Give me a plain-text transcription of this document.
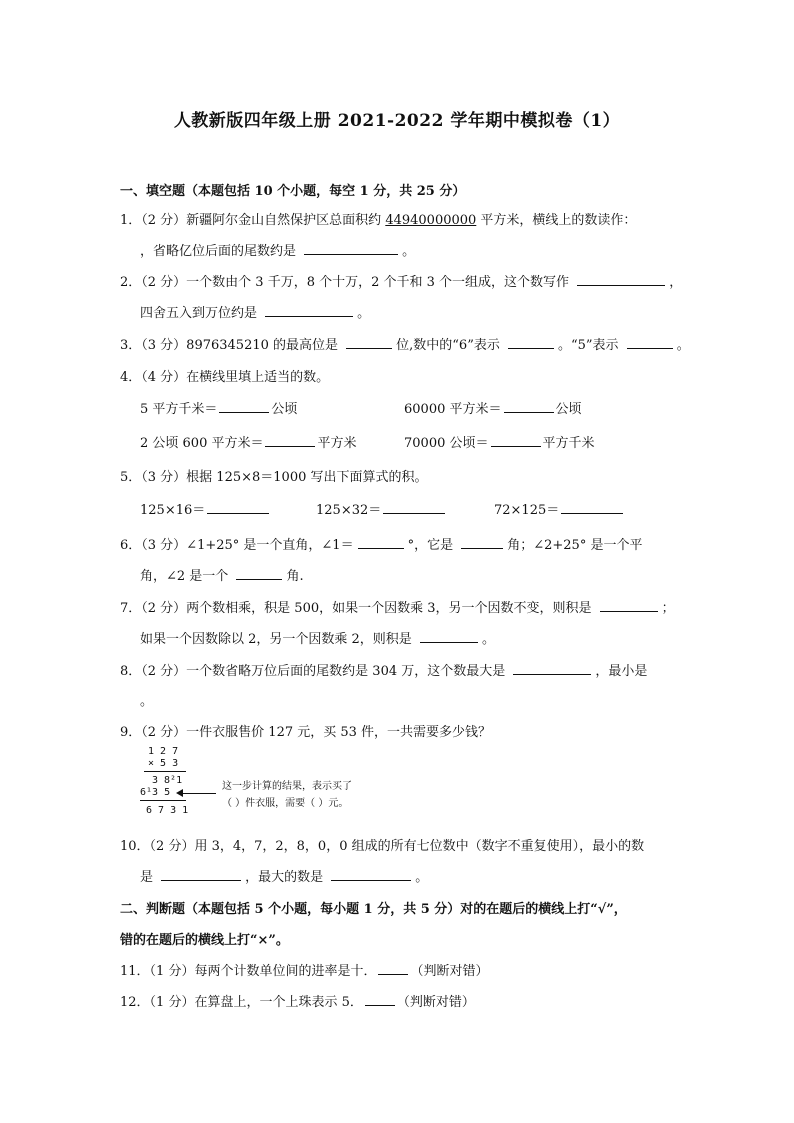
人教新版四年级上册 2021-2022 学年期中模拟卷（1）
一、填空题（本题包括 10 个小题，每空 1 分，共 25 分）
1．（2 分）新疆阿尔金山自然保护区总面积约 44940000000 平方米，横线上的数读作：
，省略亿位后面的尾数约是	。
2．（2 分）一个数由个 3 千万，8 个十万，2 个千和 3 个一组成，这个数写作	，
四舍五入到万位约是	。
3．（3 分）8976345210 的最高位是	位,数中的“6”表示	。“5”表示	。
4．（4 分）在横线里填上适当的数。
5 平方千米＝	公顷	60000 平方米＝	公顷
2 公顷 600 平方米＝	平方米	70000 公顷＝	平方千米
5．（3 分）根据 125×8＝1000 写出下面算式的积。
125×16＝	125×32＝	72×125＝
6．（3 分）∠1+25° 是一个直角，∠1＝	°，它是	角；∠2+25° 是一个平
角，∠2 是一个	角.
7．（2 分）两个数相乘，积是 500，如果一个因数乘 3，另一个因数不变，则积是	；
如果一个因数除以 2，另一个因数乘 2，则积是	。
8．（2 分）一个数省略万位后面的尾数约是 304 万，这个数最大是	，最小是
。
9．（2 分）一件衣服售价 127 元，买 53 件，一共需要多少钱？
1 2 7
× 5 3
3 8²1
6¹3 5
6 7 3 1
这一步计算的结果，表示买了
（ ）件衣服，需要（ ）元。
10．（2 分）用 3，4，7，2，8，0，0 组成的所有七位数中（数字不重复使用），最小的数
是	，最大的数是	。
二、判断题（本题包括 5 个小题，每小题 1 分，共 5 分）对的在题后的横线上打“√”，
错的在题后的横线上打“×”。
11．（1 分）每两个计数单位间的进率是十．	（判断对错）
12．（1 分）在算盘上，一个上珠表示 5．	（判断对错）
